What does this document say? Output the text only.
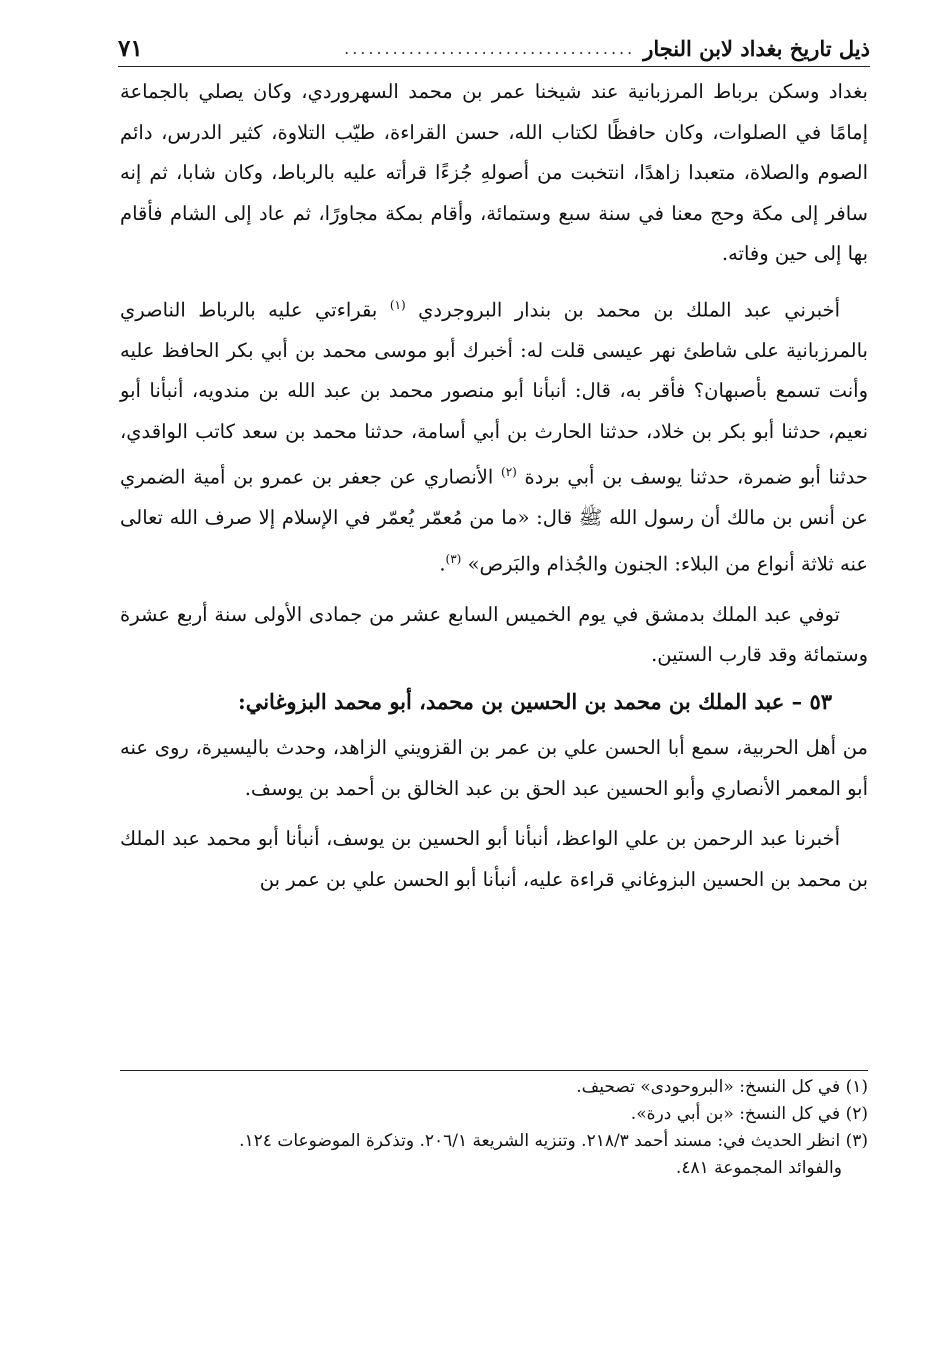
ذيل تاريخ بغداد لابن النجار
....................................
٧١

بغداد وسكن برباط المرزبانية عند شيخنا عمر بن محمد السهروردي، وكان يصلي بالجماعة إمامًا في الصلوات، وكان حافظًا لكتاب الله، حسن القراءة، طيّب التلاوة، كثير الدرس، دائم الصوم والصلاة، متعبدا زاهدًا، انتخبت من أصولهِ جُزءًا قرأته عليه بالرباط، وكان شابا، ثم إنه سافر إلى مكة وحج معنا في سنة سبع وستمائة، وأقام بمكة مجاورًا، ثم عاد إلى الشام فأقام بها إلى حين وفاته.

أخبرني عبد الملك بن محمد بن بندار البروجردي $^{(١)}$ بقراءتي عليه بالرباط الناصري بالمرزبانية على شاطئ نهر عيسى قلت له: أخبرك أبو موسى محمد بن أبي بكر الحافظ عليه وأنت تسمع بأصبهان؟ فأقر به، قال: أنبأنا أبو منصور محمد بن عبد الله بن مندويه، أنبأنا أبو نعيم، حدثنا أبو بكر بن خلاد، حدثنا الحارث بن أبي أسامة، حدثنا محمد بن سعد كاتب الواقدي، حدثنا أبو ضمرة، حدثنا يوسف بن أبي بردة $^{(٢)}$ الأنصاري عن جعفر بن عمرو بن أمية الضمري عن أنس بن مالك أن رسول الله ﷺ قال: «ما من مُعمّر يُعمّر في الإسلام إلا صرف الله تعالى عنه ثلاثة أنواع من البلاء: الجنون والجُذام والبَرص» $^{(٣)}$.

توفي عبد الملك بدمشق في يوم الخميس السابع عشر من جمادى الأولى سنة أربع عشرة وستمائة وقد قارب الستين.

٥٣ – عبد الملك بن محمد بن الحسين بن محمد، أبو محمد البزوغاني:

من أهل الحربية، سمع أبا الحسن علي بن عمر بن القزويني الزاهد، وحدث باليسيرة، روى عنه أبو المعمر الأنصاري وأبو الحسين عبد الحق بن عبد الخالق بن أحمد بن يوسف.

أخبرنا عبد الرحمن بن علي الواعظ، أنبأنا أبو الحسين بن يوسف، أنبأنا أبو محمد عبد الملك بن محمد بن الحسين البزوغاني قراءة عليه، أنبأنا أبو الحسن علي بن عمر بن

(١) في كل النسخ: «البروحودى» تصحيف.

(٢) في كل النسخ: «بن أبي درة».

(٣) انظر الحديث في: مسند أحمد ٢١٨/٣. وتنزيه الشريعة ٢٠٦/١. وتذكرة الموضوعات ١٢٤.

والفوائد المجموعة ٤٨١.
